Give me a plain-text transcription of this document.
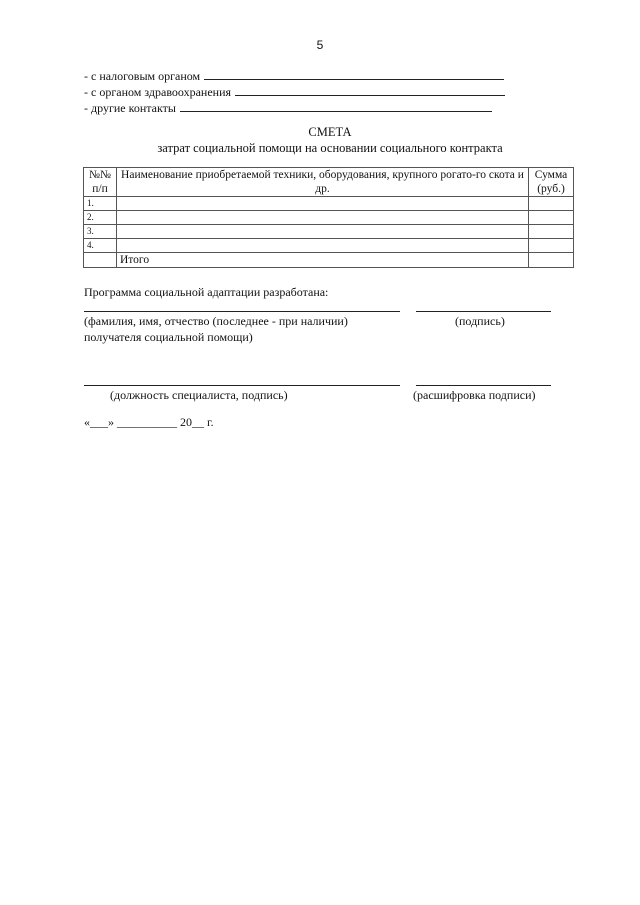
5
- с налоговым органом
- с органом здравоохранения
- другие контакты
СМЕТА
затрат социальной помощи на основании социального контракта
№№ п/п	Наименование приобретаемой техники, оборудования, крупного рогато-го скота и др.	Сумма (руб.)
1.		
2.		
3.		
4.		
	Итого	
Программа социальной адаптации разработана:
(фамилия, имя, отчество (последнее - при наличии)	(подпись)
получателя социальной помощи)
(должность специалиста, подпись)	(расшифровка подписи)
«___» __________ 20__ г.
